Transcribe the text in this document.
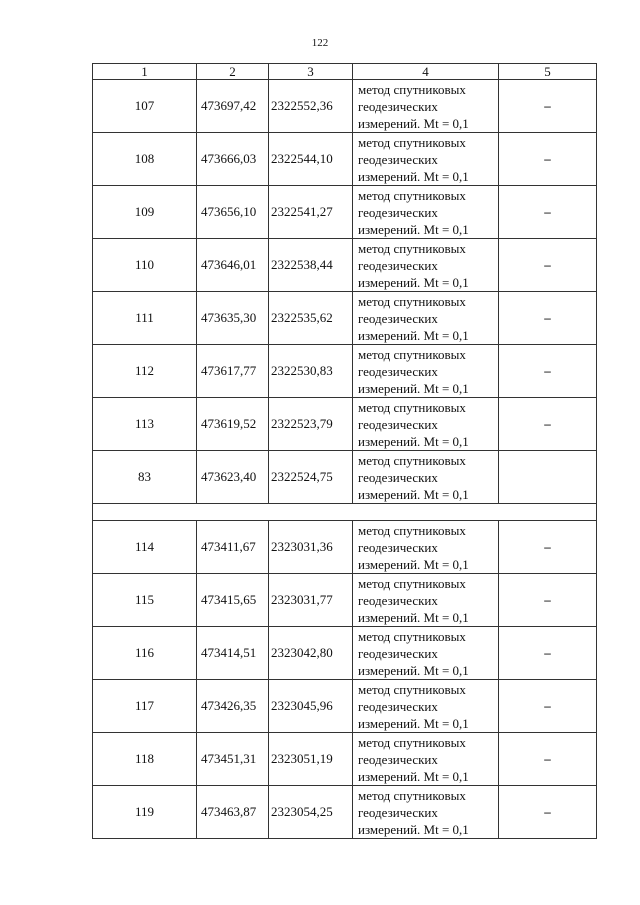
122
1	2	3	4	5
107	473697,42	2322552,36	метод спутниковых
геодезических
измерений. Mt = 0,1	–
108	473666,03	2322544,10	метод спутниковых
геодезических
измерений. Mt = 0,1	–
109	473656,10	2322541,27	метод спутниковых
геодезических
измерений. Mt = 0,1	–
110	473646,01	2322538,44	метод спутниковых
геодезических
измерений. Mt = 0,1	–
111	473635,30	2322535,62	метод спутниковых
геодезических
измерений. Mt = 0,1	–
112	473617,77	2322530,83	метод спутниковых
геодезических
измерений. Mt = 0,1	–
113	473619,52	2322523,79	метод спутниковых
геодезических
измерений. Mt = 0,1	–
83	473623,40	2322524,75	метод спутниковых
геодезических
измерений. Mt = 0,1	

114	473411,67	2323031,36	метод спутниковых
геодезических
измерений. Mt = 0,1	–
115	473415,65	2323031,77	метод спутниковых
геодезических
измерений. Mt = 0,1	–
116	473414,51	2323042,80	метод спутниковых
геодезических
измерений. Mt = 0,1	–
117	473426,35	2323045,96	метод спутниковых
геодезических
измерений. Mt = 0,1	–
118	473451,31	2323051,19	метод спутниковых
геодезических
измерений. Mt = 0,1	–
119	473463,87	2323054,25	метод спутниковых
геодезических
измерений. Mt = 0,1	–
